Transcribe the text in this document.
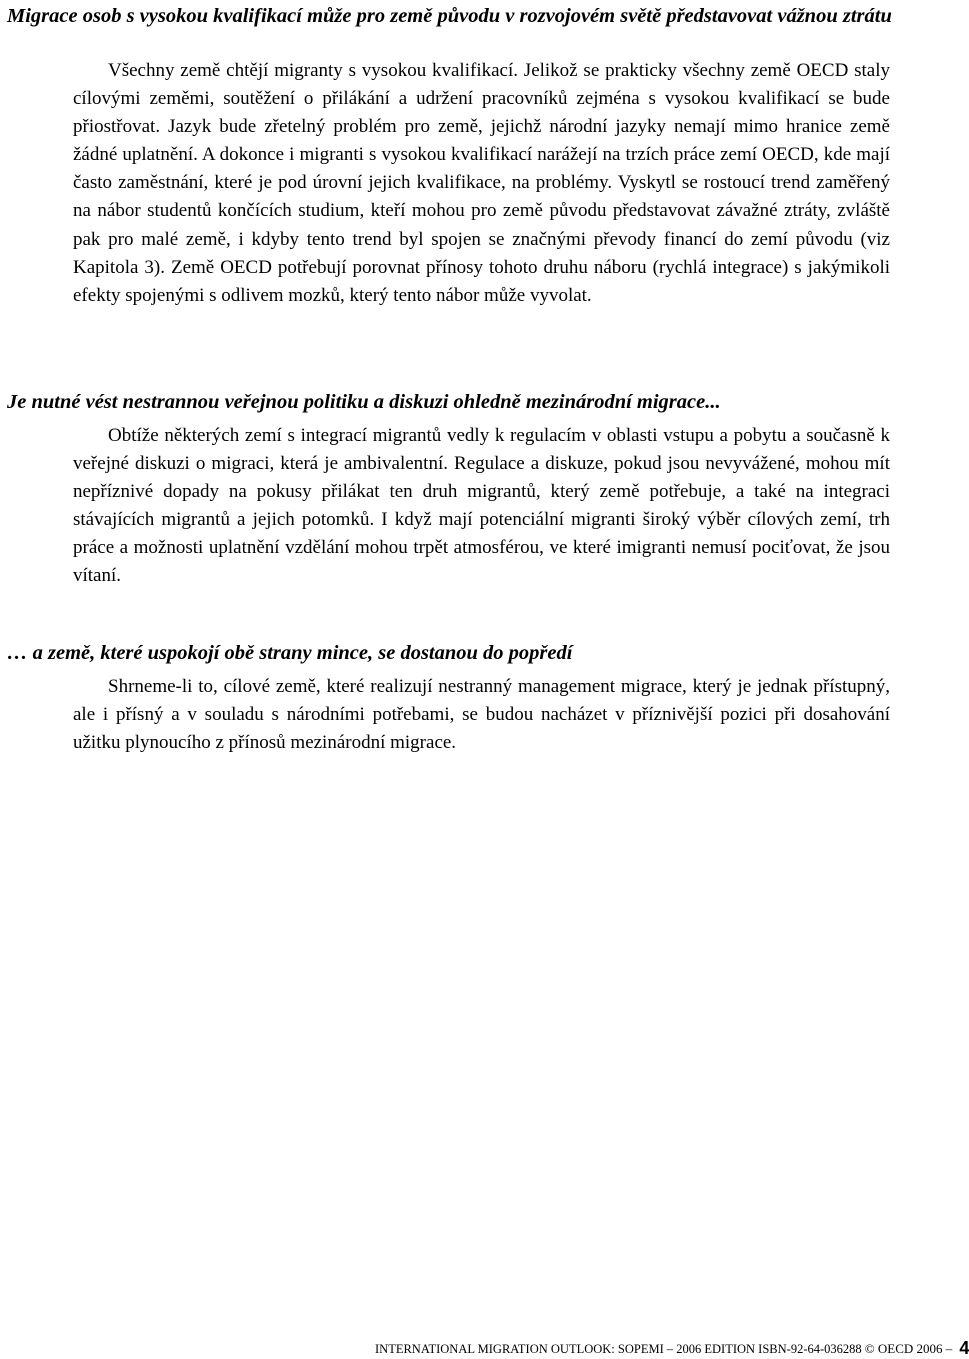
Migrace osob s vysokou kvalifikací může pro země původu v rozvojovém světě představovat vážnou ztrátu

Všechny země chtějí migranty s vysokou kvalifikací. Jelikož se prakticky všechny země OECD staly cílovými zeměmi, soutěžení o přilákání a udržení pracovníků zejména s vysokou kvalifikací se bude přiostřovat. Jazyk bude zřetelný problém pro země, jejichž národní jazyky nemají mimo hranice země žádné uplatnění. A dokonce i migranti s vysokou kvalifikací narážejí na trzích práce zemí OECD, kde mají často zaměstnání, které je pod úrovní jejich kvalifikace, na problémy. Vyskytl se rostoucí trend zaměřený na nábor studentů končících studium, kteří mohou pro země původu představovat závažné ztráty, zvláště pak pro malé země, i kdyby tento trend byl spojen se značnými převody financí do zemí původu (viz Kapitola 3). Země OECD potřebují porovnat přínosy tohoto druhu náboru (rychlá integrace) s jakýmikoli efekty spojenými s odlivem mozků, který tento nábor může vyvolat.

Je nutné vést nestrannou veřejnou politiku a diskuzi ohledně mezinárodní migrace...

Obtíže některých zemí s integrací migrantů vedly k regulacím v oblasti vstupu a pobytu a současně k veřejné diskuzi o migraci, která je ambivalentní. Regulace a diskuze, pokud jsou nevyvážené, mohou mít nepříznivé dopady na pokusy přilákat ten druh migrantů, který země potřebuje, a také na integraci stávajících migrantů a jejich potomků. I když mají potenciální migranti široký výběr cílových zemí, trh práce a možnosti uplatnění vzdělání mohou trpět atmosférou, ve které imigranti nemusí pociťovat, že jsou vítaní.

… a země, které uspokojí obě strany mince, se dostanou do popředí

Shrneme-li to, cílové země, které realizují nestranný management migrace, který je jednak přístupný, ale i přísný a v souladu s národními potřebami, se budou nacházet v příznivější pozici při dosahování užitku plynoucího z přínosů mezinárodní migrace.

INTERNATIONAL MIGRATION OUTLOOK: SOPEMI – 2006 EDITION ISBN-92-64-036288 © OECD 2006 – 4
